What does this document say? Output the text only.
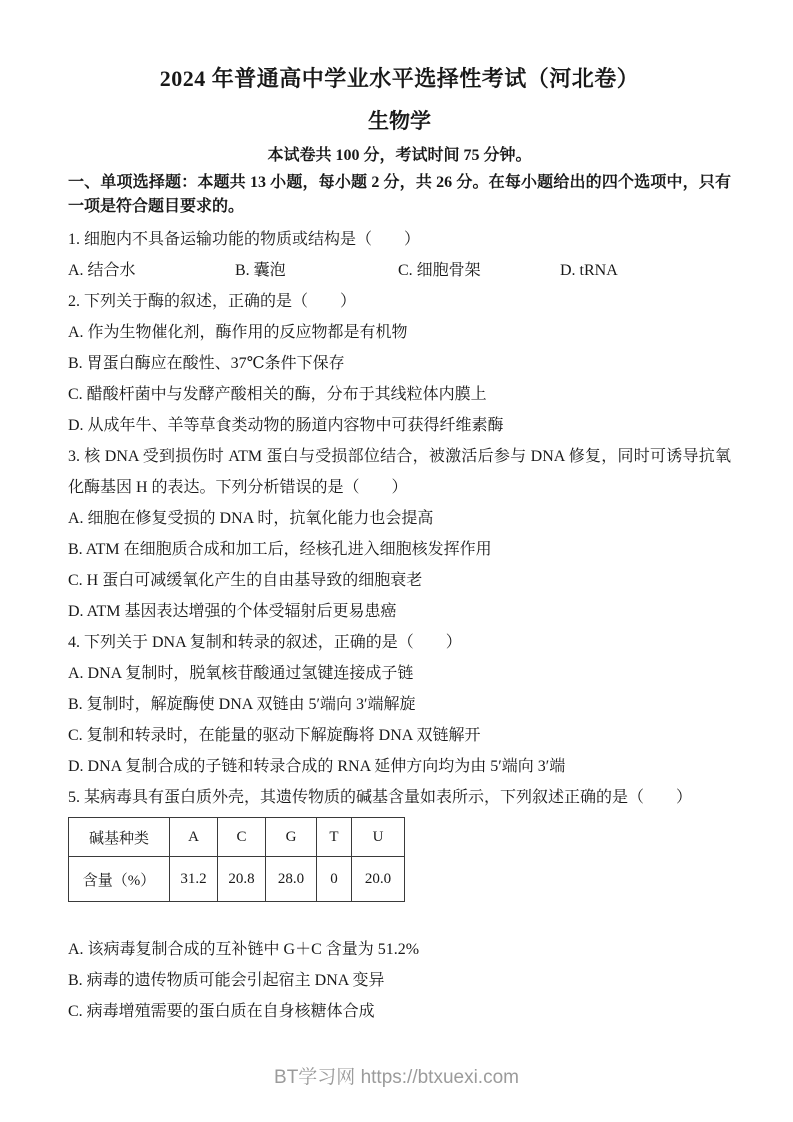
2024 年普通高中学业水平选择性考试（河北卷）
生物学

本试卷共 100 分，考试时间 75 分钟。

一、单项选择题：本题共 13 小题，每小题 2 分，共 26 分。在每小题给出的四个选项中，只有一项是符合题目要求的。

1. 细胞内不具备运输功能的物质或结构是（　　）

A. 结合水	B. 囊泡	C. 细胞骨架	D. tRNA

2. 下列关于酶的叙述，正确的是（　　）

A. 作为生物催化剂，酶作用的反应物都是有机物

B. 胃蛋白酶应在酸性、37℃条件下保存

C. 醋酸杆菌中与发酵产酸相关的酶，分布于其线粒体内膜上

D. 从成年牛、羊等草食类动物的肠道内容物中可获得纤维素酶

3. 核 DNA 受到损伤时 ATM 蛋白与受损部位结合，被激活后参与 DNA 修复，同时可诱导抗氧化酶基因 H 的表达。下列分析错误的是（　　）

A. 细胞在修复受损的 DNA 时，抗氧化能力也会提高

B. ATM 在细胞质合成和加工后，经核孔进入细胞核发挥作用

C. H 蛋白可减缓氧化产生的自由基导致的细胞衰老

D. ATM 基因表达增强的个体受辐射后更易患癌

4. 下列关于 DNA 复制和转录的叙述，正确的是（　　）

A. DNA 复制时，脱氧核苷酸通过氢键连接成子链

B. 复制时，解旋酶使 DNA 双链由 5′端向 3′端解旋

C. 复制和转录时，在能量的驱动下解旋酶将 DNA 双链解开

D. DNA 复制合成的子链和转录合成的 RNA 延伸方向均为由 5′端向 3′端

5. 某病毒具有蛋白质外壳，其遗传物质的碱基含量如表所示，下列叙述正确的是（　　）

碱基种类	A	C	G	T	U
含量（%）	31.2	20.8	28.0	0	20.0

A. 该病毒复制合成的互补链中 G＋C 含量为 51.2%

B. 病毒的遗传物质可能会引起宿主 DNA 变异

C. 病毒增殖需要的蛋白质在自身核糖体合成

BT学习网 https://btxuexi.com
